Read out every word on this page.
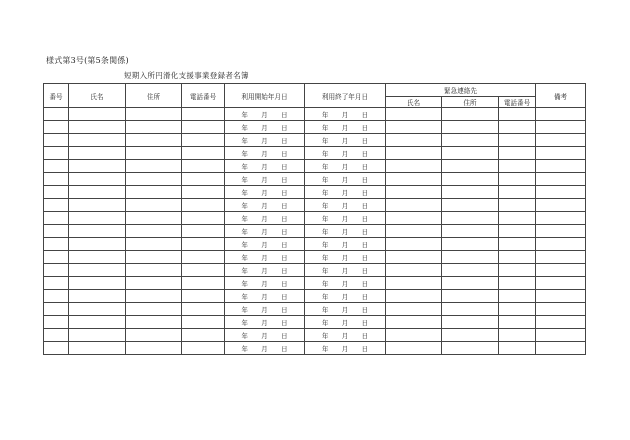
様式第3号(第5条関係)
短期入所円滑化支援事業登録者名簿
番号	氏名	住所	電話番号	利用開始年月日	利用終了年月日	緊急連絡先			備考
						氏名	住所	電話番号	
				年 月 日	年 月 日				
				年 月 日	年 月 日				
				年 月 日	年 月 日				
				年 月 日	年 月 日				
				年 月 日	年 月 日				
				年 月 日	年 月 日				
				年 月 日	年 月 日				
				年 月 日	年 月 日				
				年 月 日	年 月 日				
				年 月 日	年 月 日				
				年 月 日	年 月 日				
				年 月 日	年 月 日				
				年 月 日	年 月 日				
				年 月 日	年 月 日				
				年 月 日	年 月 日				
				年 月 日	年 月 日				
				年 月 日	年 月 日				
				年 月 日	年 月 日				
				年 月 日	年 月 日				
